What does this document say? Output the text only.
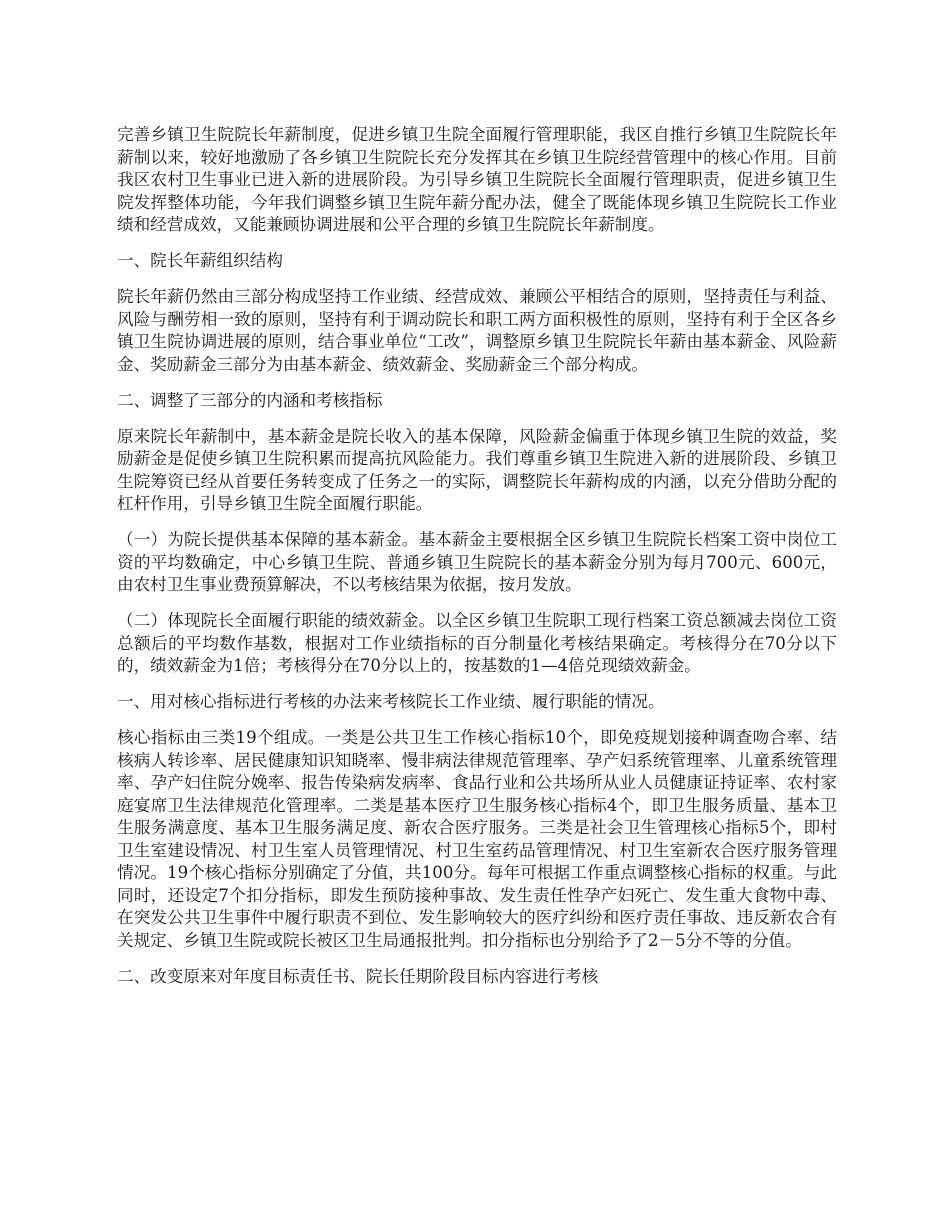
完善乡镇卫生院院长年薪制度，促进乡镇卫生院全面履行管理职能，我区自推行乡镇卫生院院长年薪制以来，较好地激励了各乡镇卫生院院长充分发挥其在乡镇卫生院经营管理中的核心作用。目前我区农村卫生事业已进入新的进展阶段。为引导乡镇卫生院院长全面履行管理职责，促进乡镇卫生院发挥整体功能，今年我们调整乡镇卫生院年薪分配办法，健全了既能体现乡镇卫生院院长工作业绩和经营成效，又能兼顾协调进展和公平合理的乡镇卫生院院长年薪制度。

一、院长年薪组织结构

院长年薪仍然由三部分构成坚持工作业绩、经营成效、兼顾公平相结合的原则，坚持责任与利益、风险与酬劳相一致的原则，坚持有利于调动院长和职工两方面积极性的原则，坚持有利于全区各乡镇卫生院协调进展的原则，结合事业单位“工改”，调整原乡镇卫生院院长年薪由基本薪金、风险薪金、奖励薪金三部分为由基本薪金、绩效薪金、奖励薪金三个部分构成。

二、调整了三部分的内涵和考核指标

原来院长年薪制中，基本薪金是院长收入的基本保障，风险薪金偏重于体现乡镇卫生院的效益，奖励薪金是促使乡镇卫生院积累而提高抗风险能力。我们尊重乡镇卫生院进入新的进展阶段、乡镇卫生院筹资已经从首要任务转变成了任务之一的实际，调整院长年薪构成的内涵，以充分借助分配的杠杆作用，引导乡镇卫生院全面履行职能。

（一）为院长提供基本保障的基本薪金。基本薪金主要根据全区乡镇卫生院院长档案工资中岗位工资的平均数确定，中心乡镇卫生院、普通乡镇卫生院院长的基本薪金分别为每月700元、600元，由农村卫生事业费预算解决，不以考核结果为依据，按月发放。

（二）体现院长全面履行职能的绩效薪金。以全区乡镇卫生院职工现行档案工资总额减去岗位工资总额后的平均数作基数，根据对工作业绩指标的百分制量化考核结果确定。考核得分在70分以下的，绩效薪金为1倍；考核得分在70分以上的，按基数的1—4倍兑现绩效薪金。

一、用对核心指标进行考核的办法来考核院长工作业绩、履行职能的情况。

核心指标由三类19个组成。一类是公共卫生工作核心指标10个，即免疫规划接种调查吻合率、结核病人转诊率、居民健康知识知晓率、慢非病法律规范管理率、孕产妇系统管理率、儿童系统管理率、孕产妇住院分娩率、报告传染病发病率、食品行业和公共场所从业人员健康证持证率、农村家庭宴席卫生法律规范化管理率。二类是基本医疗卫生服务核心指标4个，即卫生服务质量、基本卫生服务满意度、基本卫生服务满足度、新农合医疗服务。三类是社会卫生管理核心指标5个，即村卫生室建设情况、村卫生室人员管理情况、村卫生室药品管理情况、村卫生室新农合医疗服务管理情况。19个核心指标分别确定了分值，共100分。每年可根据工作重点调整核心指标的权重。与此同时，还设定7个扣分指标，即发生预防接种事故、发生责任性孕产妇死亡、发生重大食物中毒、在突发公共卫生事件中履行职责不到位、发生影响较大的医疗纠纷和医疗责任事故、违反新农合有关规定、乡镇卫生院或院长被区卫生局通报批判。扣分指标也分别给予了2－5分不等的分值。

二、改变原来对年度目标责任书、院长任期阶段目标内容进行考核
